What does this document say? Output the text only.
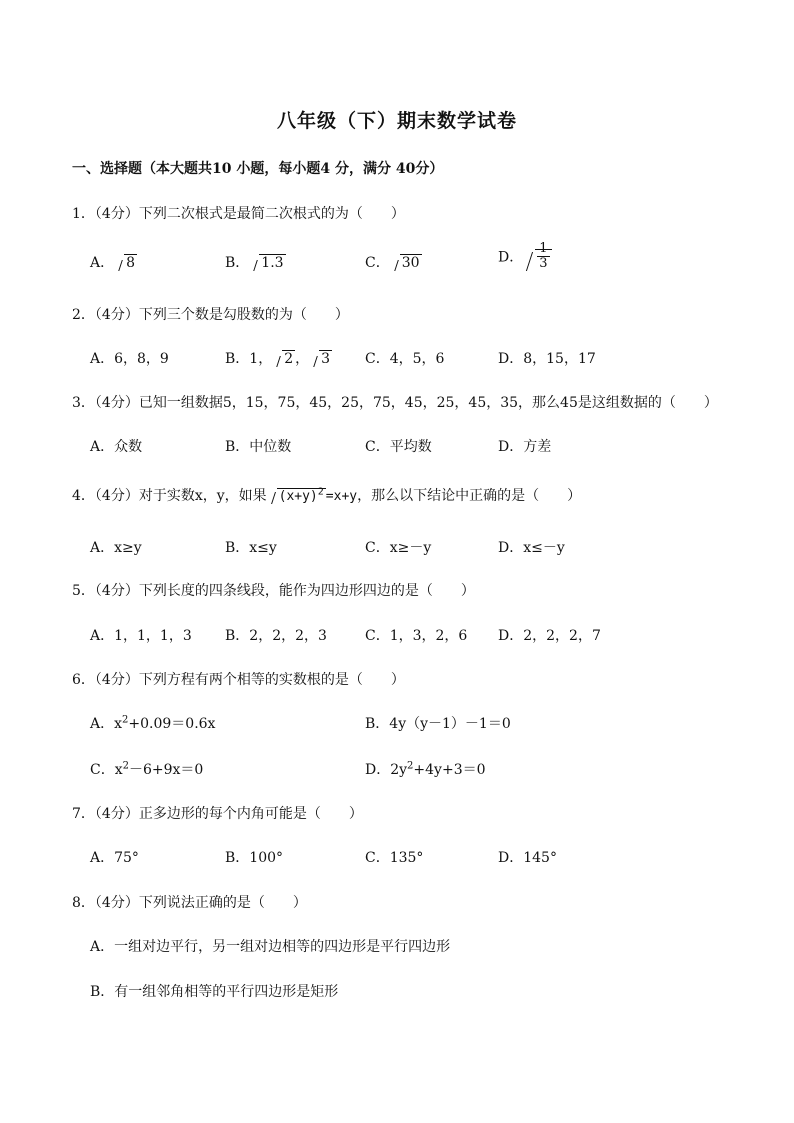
八年级（下）期末数学试卷
一、选择题（本大题共10 小题，每小题4 分，满分 40分）
1．（4分）下列二次根式是最简二次根式的为（　　）
A． 8	B． 1.3	C． 30	D． $\frac{1}{3}$
2．（4分）下列三个数是勾股数的为（　　）
A．6，8，9	B．1， 2 ， 3 C．4，5，6	D．8，15，17
3．（4分）已知一组数据5，15，75，45，25，75，45，25，45，35，那么45是这组数据的（　　）
A．众数	B．中位数	C．平均数	D．方差
4．（4分）对于实数x，y，如果 $(x+y)^2 =x+y$，那么以下结论中正确的是（　　）
A．x≥y	B．x≤y	C．x≥－y	D．x≤－y
5．（4分）下列长度的四条线段，能作为四边形四边的是（　　）
A．1，1，1，3 B．2，2，2，3	C．1，3，2，6 D．2，2，2，7
6．（4分）下列方程有两个相等的实数根的是（　　）
A．$x^2+0.09=0.6x$	B．4y（y－1）－1＝0
C．$x^2-6+9x=0$	D．$2y^2+4y+3=0$
7．（4分）正多边形的每个内角可能是（　　）
A．75°	B．100°	C．135°	D．145°
8．（4分）下列说法正确的是（　　）
A．一组对边平行，另一组对边相等的四边形是平行四边形
B．有一组邻角相等的平行四边形是矩形
